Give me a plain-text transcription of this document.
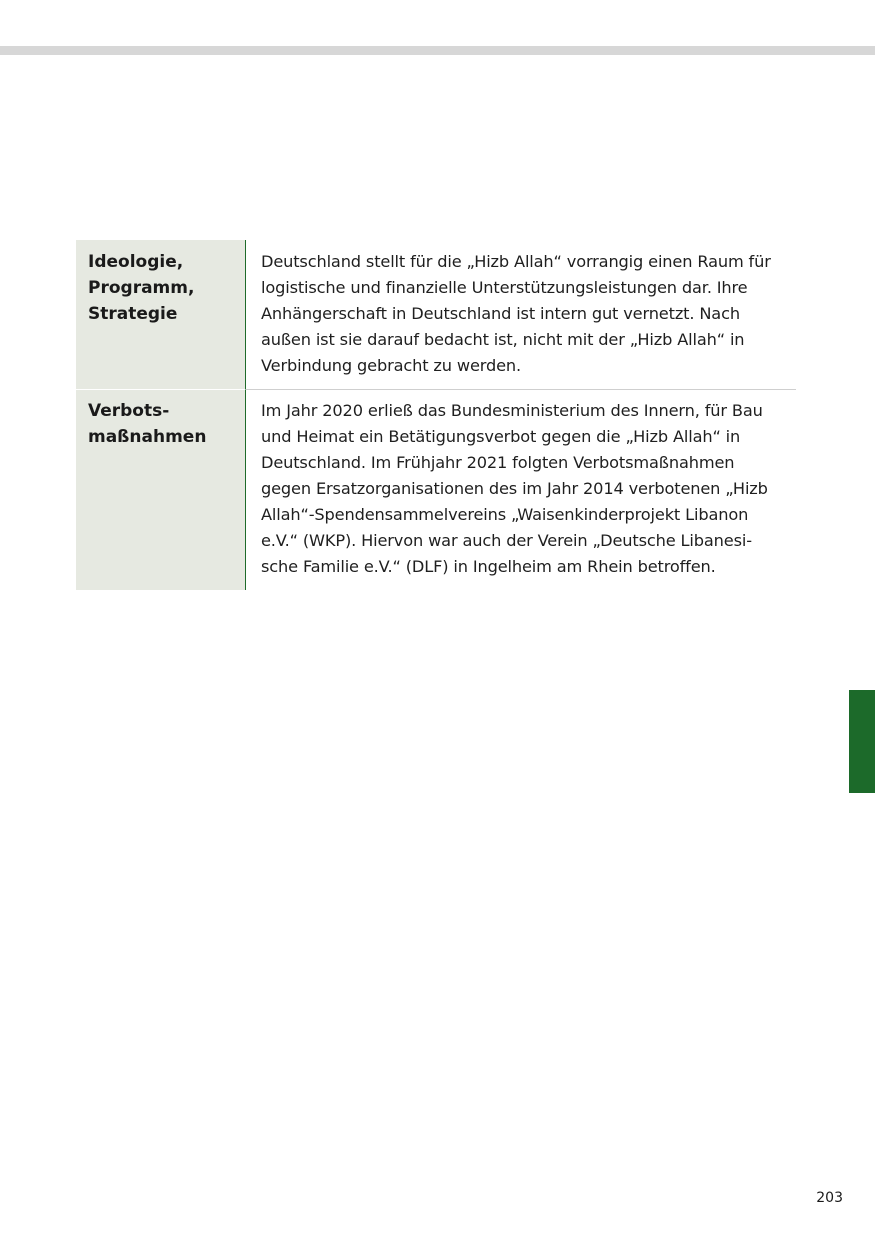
Ideologie,
Programm,
Strategie
Deutschland stellt für die „Hizb Allah“ vorrangig einen Raum für
logistische und finanzielle Unterstützungsleistungen dar. Ihre
Anhängerschaft in Deutschland ist intern gut vernetzt. Nach
außen ist sie darauf bedacht ist, nicht mit der „Hizb Allah“ in
Verbindung gebracht zu werden.
Verbots-
maßnahmen
Im Jahr 2020 erließ das Bundesministerium des Innern, für Bau
und Heimat ein Betätigungsverbot gegen die „Hizb Allah“ in
Deutschland. Im Frühjahr 2021 folgten Verbotsmaßnahmen
gegen Ersatzorganisationen des im Jahr 2014 verbotenen „Hizb
Allah“-Spendensammelvereins „Waisenkinderprojekt Libanon
e.V.“ (WKP). Hiervon war auch der Verein „Deutsche Libanesi-
sche Familie e.V.“ (DLF) in Ingelheim am Rhein betroffen.
203
